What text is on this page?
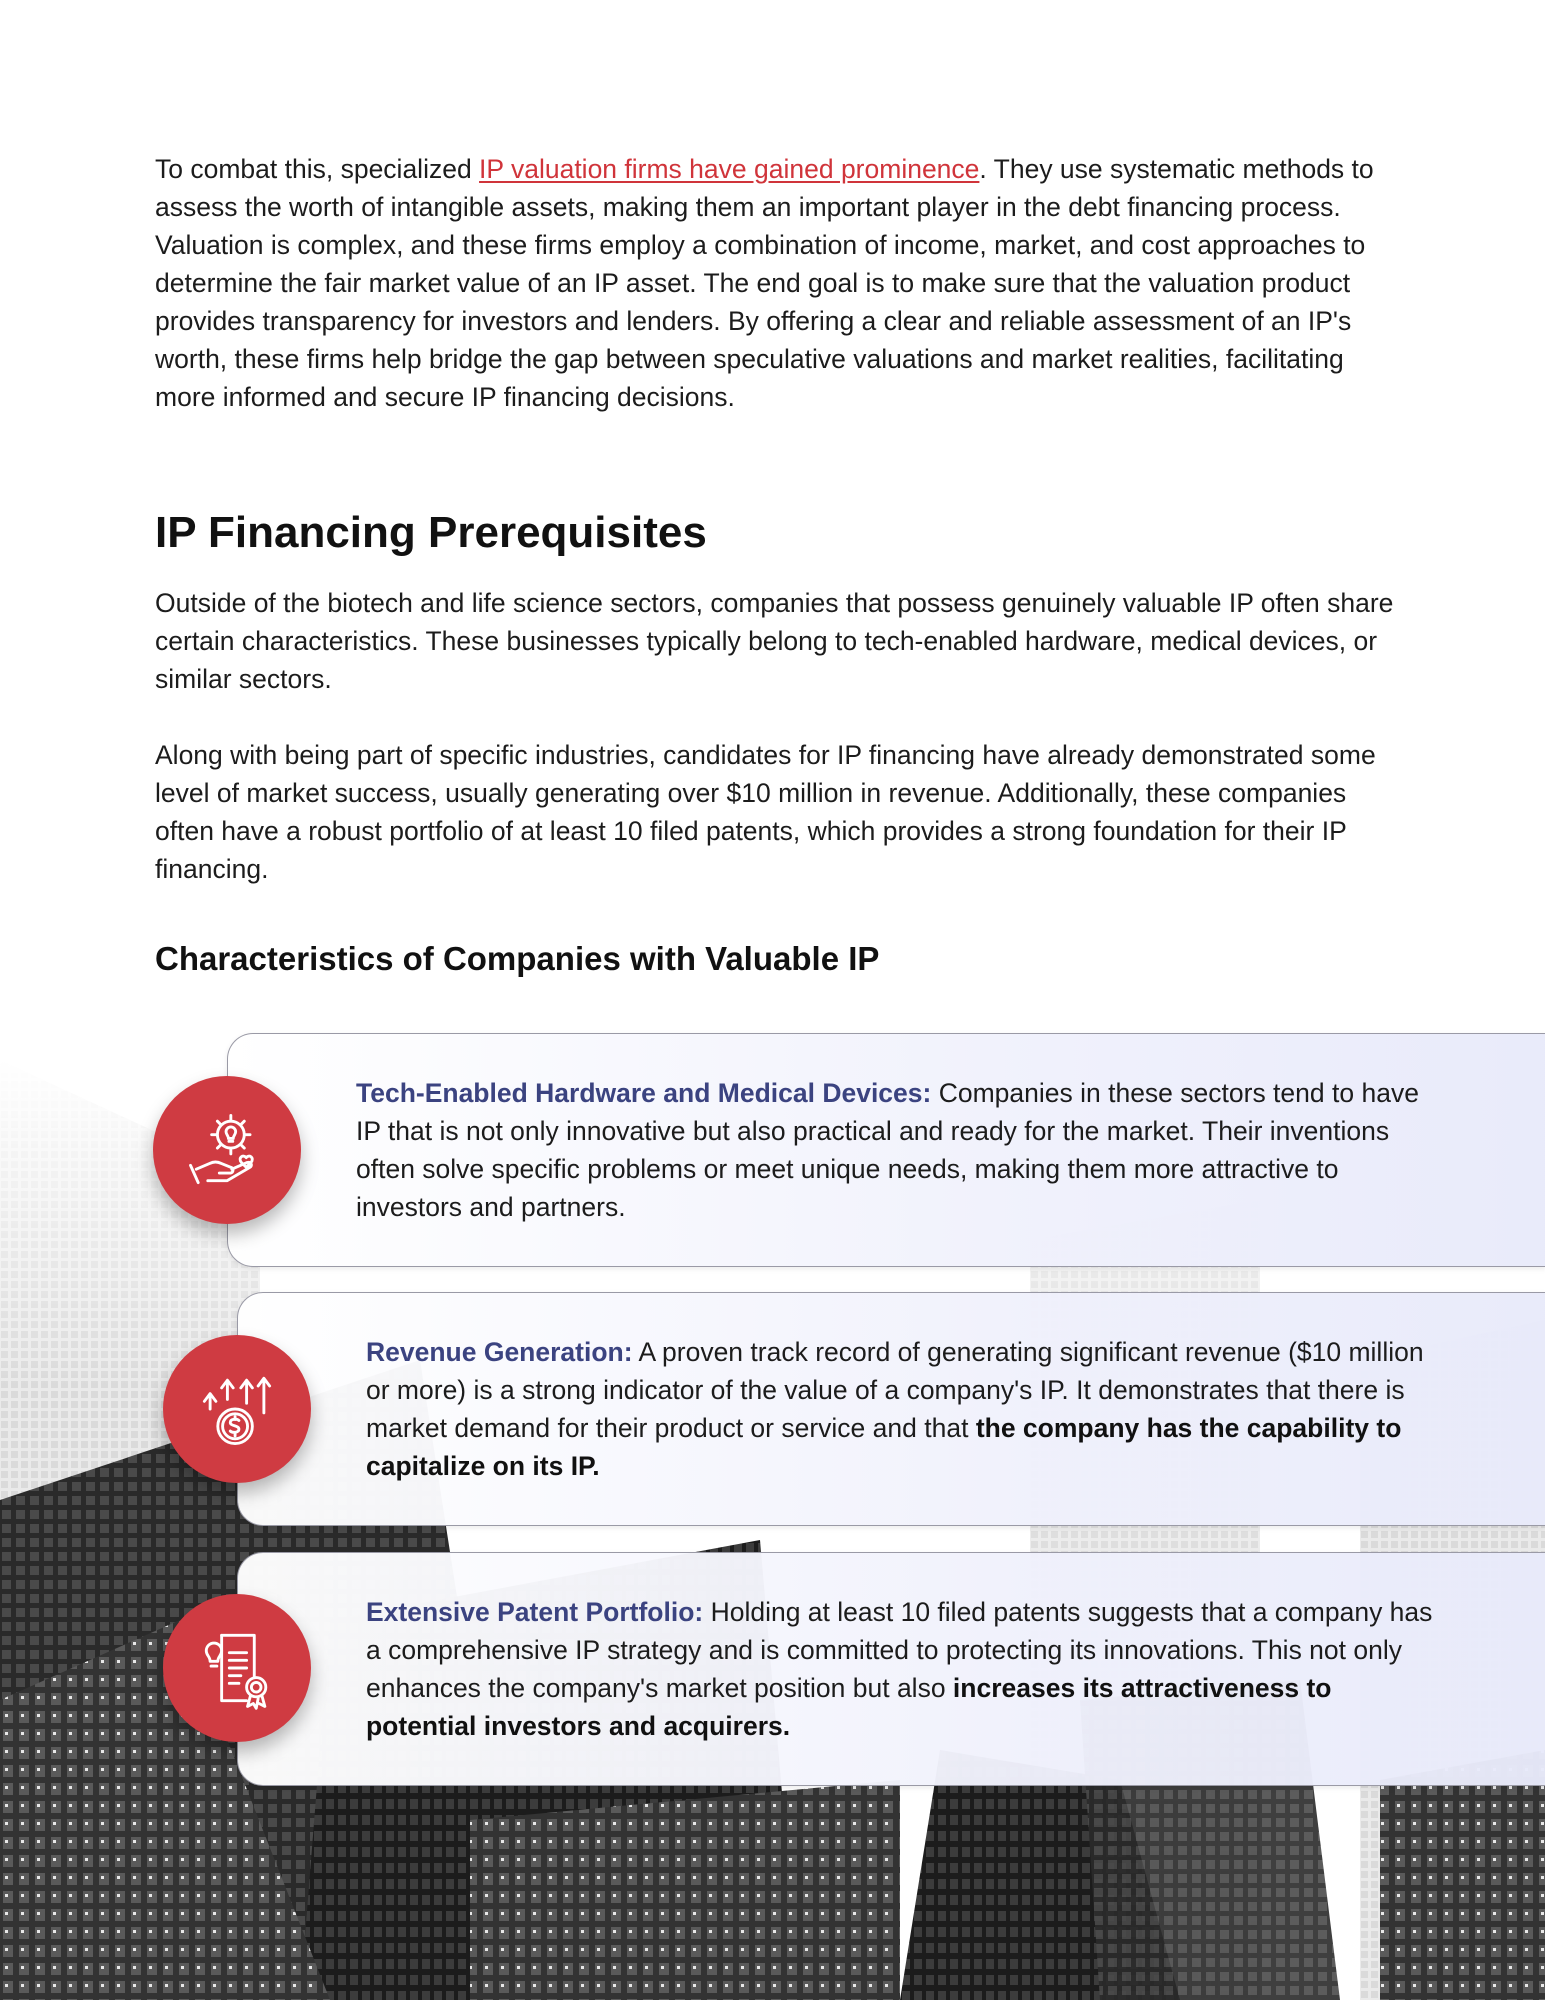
To combat this, specialized IP valuation firms have gained prominence. They use systematic methods to assess the worth of intangible assets, making them an important player in the debt financing process. Valuation is complex, and these firms employ a combination of income, market, and cost approaches to determine the fair market value of an IP asset. The end goal is to make sure that the valuation product provides transparency for investors and lenders. By offering a clear and reliable assessment of an IP's worth, these firms help bridge the gap between speculative valuations and market realities, facilitating more informed and secure IP financing decisions.

IP Financing Prerequisites

Outside of the biotech and life science sectors, companies that possess genuinely valuable IP often share certain characteristics. These businesses typically belong to tech-enabled hardware, medical devices, or similar sectors.

Along with being part of specific industries, candidates for IP financing have already demonstrated some level of market success, usually generating over $10 million in revenue. Additionally, these companies often have a robust portfolio of at least 10 filed patents, which provides a strong foundation for their IP financing.

Characteristics of Companies with Valuable IP

Tech-Enabled Hardware and Medical Devices: Companies in these sectors tend to have IP that is not only innovative but also practical and ready for the market. Their inventions often solve specific problems or meet unique needs, making them more attractive to investors and partners.

Revenue Generation: A proven track record of generating significant revenue ($10 million or more) is a strong indicator of the value of a company's IP. It demonstrates that there is market demand for their product or service and that the company has the capability to capitalize on its IP.

Extensive Patent Portfolio: Holding at least 10 filed patents suggests that a company has a comprehensive IP strategy and is committed to protecting its innovations. This not only enhances the company's market position but also increases its attractiveness to potential investors and acquirers.
